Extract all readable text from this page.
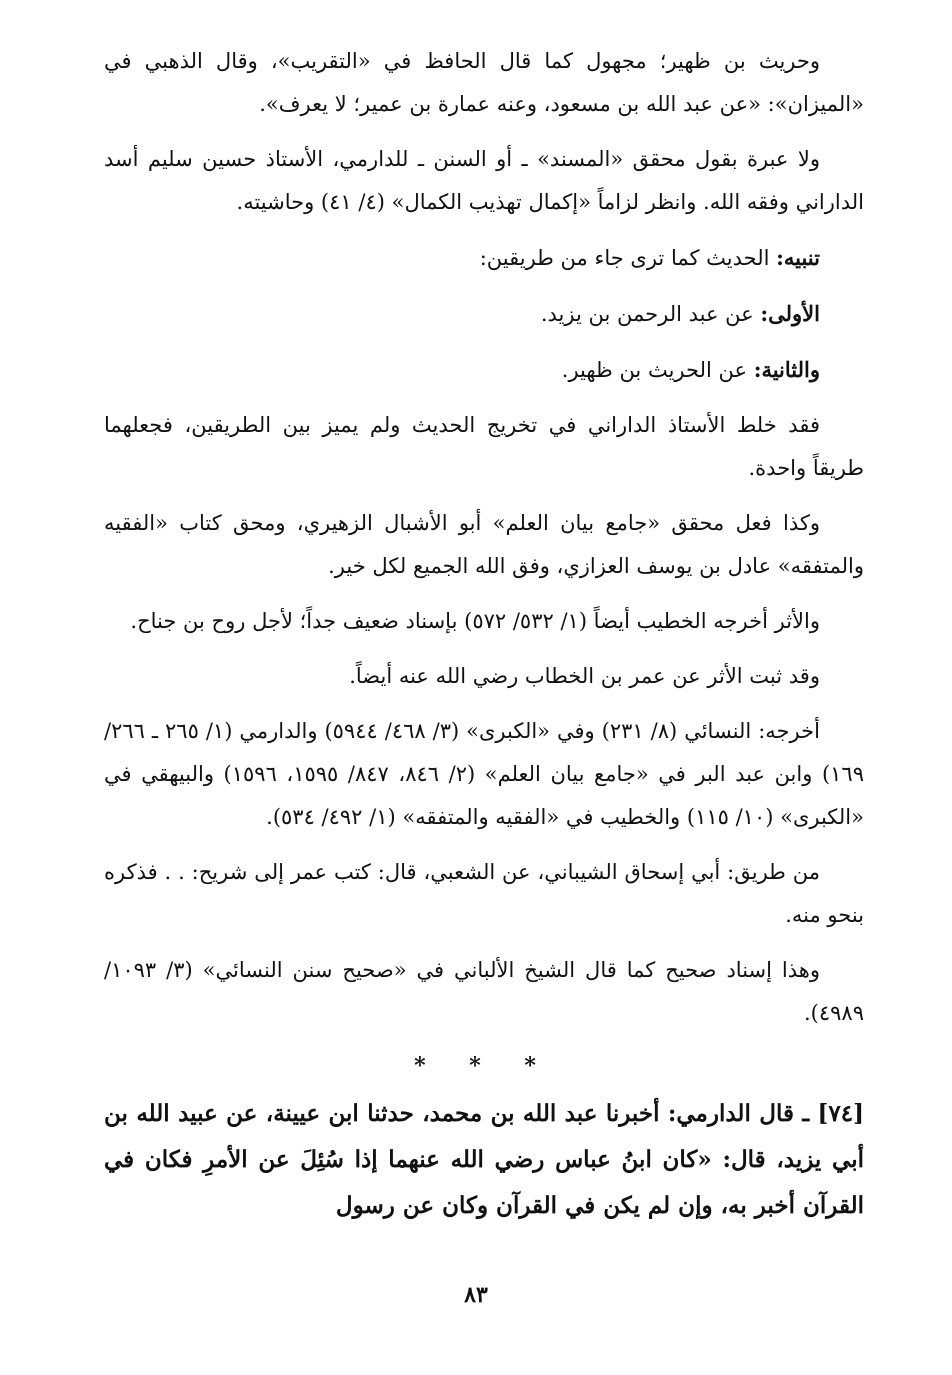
وحريث بن ظهير؛ مجهول كما قال الحافظ في «التقريب»، وقال الذهبي في «الميزان»: «عن عبد الله بن مسعود، وعنه عمارة بن عمير؛ لا يعرف».

ولا عبرة بقول محقق «المسند» ـ أو السنن ـ للدارمي، الأستاذ حسين سليم أسد الداراني وفقه الله. وانظر لزاماً «إكمال تهذيب الكمال» (٤/ ٤١) وحاشيته.

تنبيه: الحديث كما ترى جاء من طريقين:

الأولى: عن عبد الرحمن بن يزيد.

والثانية: عن الحريث بن ظهير.

فقد خلط الأستاذ الداراني في تخريج الحديث ولم يميز بين الطريقين، فجعلهما طريقاً واحدة.

وكذا فعل محقق «جامع بيان العلم» أبو الأشبال الزهيري، ومحق كتاب «الفقيه والمتفقه» عادل بن يوسف العزازي، وفق الله الجميع لكل خير.

والأثر أخرجه الخطيب أيضاً (١/ ٥٣٢/ ٥٧٢) بإسناد ضعيف جداً؛ لأجل روح بن جناح.

وقد ثبت الأثر عن عمر بن الخطاب رضي الله عنه أيضاً.

أخرجه: النسائي (٨/ ٢٣١) وفي «الكبرى» (٣/ ٤٦٨/ ٥٩٤٤) والدارمي (١/ ٢٦٥ ـ ٢٦٦/ ١٦٩) وابن عبد البر في «جامع بيان العلم» (٢/ ٨٤٦، ٨٤٧/ ١٥٩٥، ١٥٩٦) والبيهقي في «الكبرى» (١٠/ ١١٥) والخطيب في «الفقيه والمتفقه» (١/ ٤٩٢/ ٥٣٤).

من طريق: أبي إسحاق الشيباني، عن الشعبي، قال: كتب عمر إلى شريح: . . فذكره بنحو منه.

وهذا إسناد صحيح كما قال الشيخ الألباني في «صحيح سنن النسائي» (٣/ ١٠٩٣/ ٤٩٨٩).

* * *

[٧٤] ـ قال الدارمي: أخبرنا عبد الله بن محمد، حدثنا ابن عيينة، عن عبيد الله بن أبي يزيد، قال: «كان ابنُ عباس رضي الله عنهما إذا سُئِلَ عن الأمرِ فكان في القرآن أخبر به، وإن لم يكن في القرآن وكان عن رسول

٨٣
